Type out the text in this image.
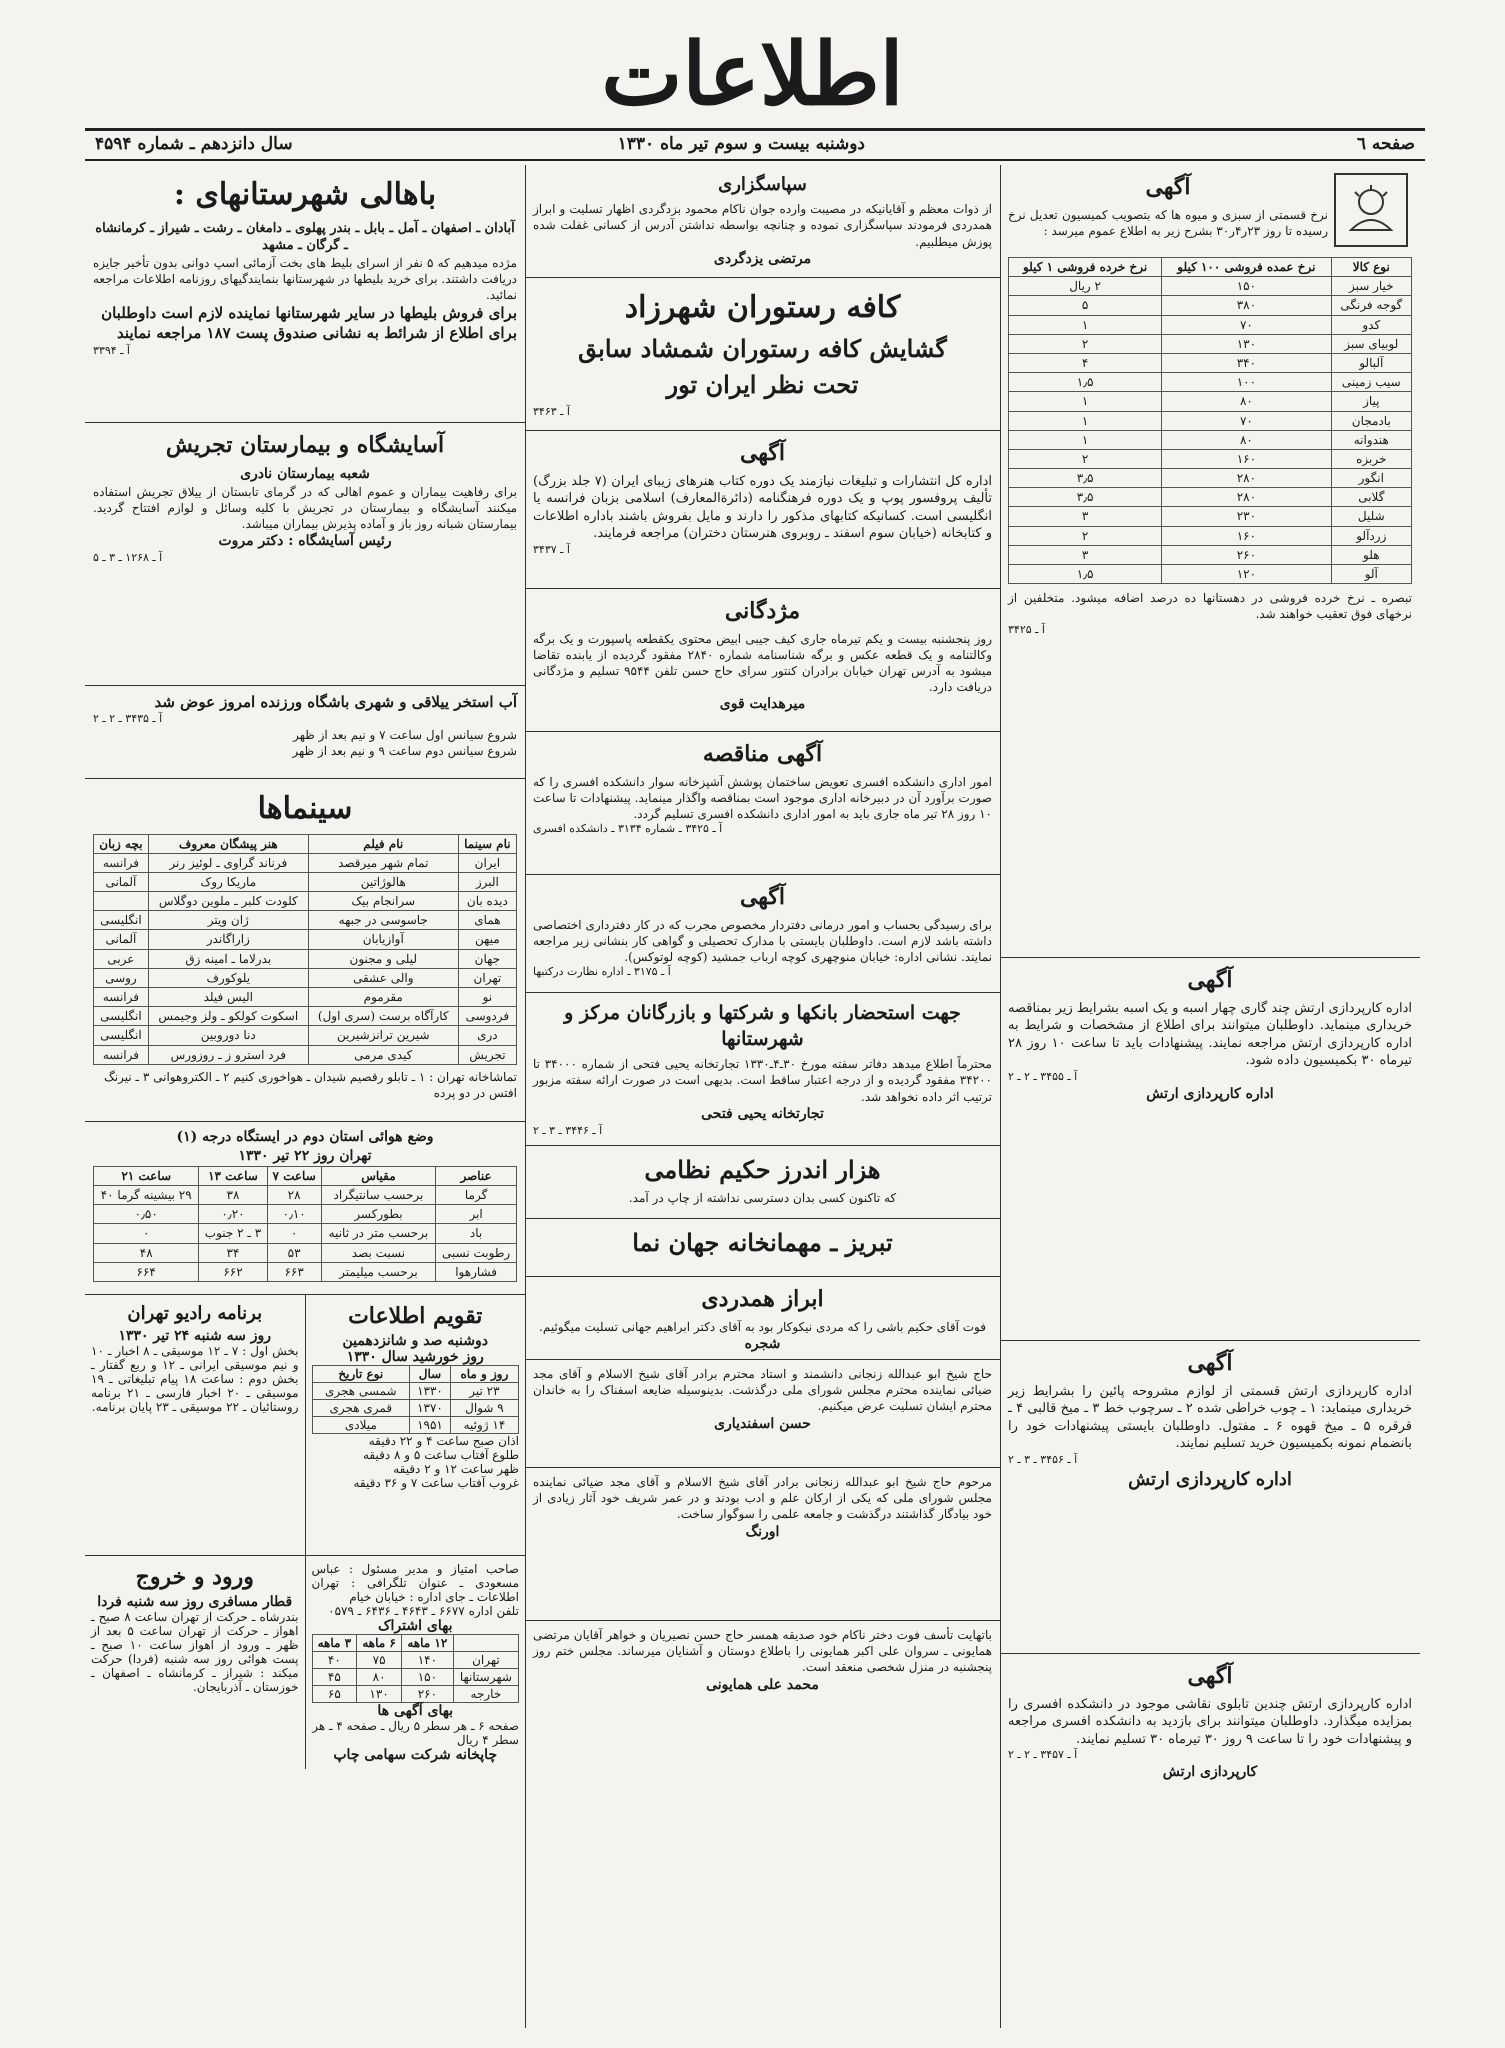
اطلاعات
صفحه ٦
دوشنبه بیست و سوم تیر ماه ۱۳۳۰
سال دانزدهم ـ شماره ۴۵۹۴
آگهی
نرخ قسمتی از سبزی و میوه ها که بتصویب کمیسیون تعدیل نرخ رسیده تا روز ۲۳ر۴ر۳۰ بشرح زیر به اطلاع عموم میرسد :
نوع کالا	نرخ عمده فروشی ۱۰۰ کیلو	نرخ خرده فروشی ۱ کیلو
خیار سبز	۱۵۰	۲ ریال
گوجه فرنگی	۳۸۰	۵
کدو	۷۰	۱
لوبیای سبز	۱۳۰	۲
آلبالو	۳۴۰	۴
سیب زمینی	۱۰۰	۱٫۵
پیاز	۸۰	۱
بادمجان	۷۰	۱
هندوانه	۸۰	۱
خربزه	۱۶۰	۲
انگور	۲۸۰	۳٫۵
گلابی	۲۸۰	۳٫۵
شلیل	۲۳۰	۳
زردآلو	۱۶۰	۲
هلو	۲۶۰	۳
آلو	۱۲۰	۱٫۵
تبصره ـ نرخ خرده فروشی در دهستانها ده درصد اضافه میشود. متخلفین از نرخهای فوق تعقیب خواهند شد.
آ ـ ۳۴۲۵
آگهی
اداره کارپردازی ارتش چند گاری چهار اسبه و یک اسبه بشرایط زیر بمناقصه خریداری مینماید. داوطلبان میتوانند برای اطلاع از مشخصات و شرایط به اداره کارپردازی ارتش مراجعه نمایند. پیشنهادات باید تا ساعت ۱۰ روز ۲۸ تیرماه ۳۰ بکمیسیون داده شود.
آ ـ ۳۴۵۵ ـ ۲ ـ ۲
اداره کارپردازی ارتش
آگهی
اداره کارپردازی ارتش قسمتی از لوازم مشروحه پائین را بشرایط زیر خریداری مینماید: ۱ ـ چوب خراطی شده ۲ ـ سرچوب خط ۳ ـ میخ قالبی ۴ ـ قرقره ۵ ـ میخ قهوه ۶ ـ مفتول. داوطلبان بایستی پیشنهادات خود را بانضمام نمونه بکمیسیون خرید تسلیم نمایند.
آ ـ ۳۴۵۶ ـ ۳ ـ ۲
اداره کارپردازی ارتش
آگهی
اداره کارپردازی ارتش چندین تابلوی نقاشی موجود در دانشکده افسری را بمزایده میگذارد. داوطلبان میتوانند برای بازدید به دانشکده افسری مراجعه و پیشنهادات خود را تا ساعت ۹ روز ۳۰ تیرماه ۳۰ تسلیم نمایند.
آ ـ ۳۴۵۷ ـ ۲ ـ ۲
کارپردازی ارتش
سپاسگزاری
از ذوات معظم و آقایانیکه در مصیبت وارده جوان ناکام محمود بزدگردی اظهار تسلیت و ابراز همدردی فرمودند سپاسگزاری نموده و چنانچه بواسطه نداشتن آدرس از کسانی غفلت شده پوزش میطلبیم.
مرتضی یزدگردی
کافه رستوران شهرزاد
گشایش کافه رستوران شمشاد سابق
تحت نظر ایران تور
آ ـ ۳۴۶۳
آگهی
اداره کل انتشارات و تبلیغات نیازمند یک دوره کتاب هنرهای زیبای ایران (۷ جلد بزرگ) تألیف پروفسور پوپ و یک دوره فرهنگنامه (دائرةالمعارف) اسلامی بزبان فرانسه یا انگلیسی است. کسانیکه کتابهای مذکور را دارند و مایل بفروش باشند باداره اطلاعات و کتابخانه (خیابان سوم اسفند ـ روبروی هنرستان دختران) مراجعه فرمایند.
آ ـ ۳۴۳۷
مژدگانی
روز پنجشنبه بیست و یکم تیرماه جاری کیف جیبی ابیض محتوی یکقطعه پاسپورت و یک برگه وکالتنامه و یک قطعه عکس و برگه شناسنامه شماره ۲۸۴۰ مفقود گردیده از یابنده تقاضا میشود به آدرس تهران خیابان برادران کنتور سرای حاج حسن تلفن ۹۵۴۴ تسلیم و مژدگانی دریافت دارد.
میرهدایت قوی
آگهی مناقصه
امور اداری دانشکده افسری تعویض ساختمان پوشش آشپزخانه سوار دانشکده افسری را که صورت برآورد آن در دبیرخانه اداری موجود است بمناقصه واگذار مینماید. پیشنهادات تا ساعت ۱۰ روز ۲۸ تیر ماه جاری باید به امور اداری دانشکده افسری تسلیم گردد.
آ ـ ۳۴۲۵ ـ شماره ۳۱۳۴ ـ دانشکده افسری
آگهی
برای رسیدگی بحساب و امور درمانی دفتردار مخصوص مجرب که در کار دفترداری اختصاصی داشته باشد لازم است. داوطلبان بایستی با مدارک تحصیلی و گواهی کار بنشانی زیر مراجعه نمایند. نشانی اداره: خیابان منوچهری کوچه ارباب جمشید (کوچه لوتوکس).
آ ـ ۳۱۷۵ ـ اداره نظارت درکتبها
جهت استحضار بانکها و شرکتها و بازرگانان مرکز و شهرستانها
محترماً اطلاع میدهد دفاتر سفته مورخ ۳۰ـ۴ـ۱۳۳۰ تجارتخانه یحیی فتحی از شماره ۳۴۰۰۰ تا ۳۴۲۰۰ مفقود گردیده و از درجه اعتبار ساقط است. بدیهی است در صورت ارائه سفته مزبور ترتیب اثر داده نخواهد شد.
تجارتخانه یحیی فتحی
آ ـ ۳۴۴۶ ـ ۳ ـ ۲
هزار اندرز حکیم نظامی
که تاکنون کسی بدان دسترسی نداشته از چاپ در آمد.
تبریز ـ مهمانخانه جهان نما
ابراز همدردی
فوت آقای حکیم باشی را که مردی نیکوکار بود به آقای دکتر ابراهیم جهانی تسلیت میگوئیم.
شجره
حاج شیخ ابو عبدالله زنجانی دانشمند و استاد محترم برادر آقای شیخ الاسلام و آقای مجد ضیائی نماینده محترم مجلس شورای ملی درگذشت. بدینوسیله ضایعه اسفناک را به خاندان محترم ایشان تسلیت عرض میکنیم.
حسن اسفندیاری
مرحوم حاج شیخ ابو عبدالله زنجانی برادر آقای شیخ الاسلام و آقای مجد ضیائی نماینده مجلس شورای ملی که یکی از ارکان علم و ادب بودند و در عمر شریف خود آثار زیادی از خود بیادگار گذاشتند درگذشت و جامعه علمی را سوگوار ساخت.
اورنگ
باتهایت تأسف فوت دختر ناکام خود صدیقه همسر حاج حسن نصیریان و خواهر آقایان مرتضی همایونی ـ سروان علی اکبر همایونی را باطلاع دوستان و آشنایان میرساند. مجلس ختم روز پنجشنبه در منزل شخصی منعقد است.
محمد علی همایونی
باهالی شهرستانهای :
آبادان ـ اصفهان ـ آمل ـ بابل ـ بندر پهلوی ـ دامغان ـ رشت ـ شیراز ـ کرمانشاه ـ گرگان ـ مشهد
مژده میدهیم که ۵ نفر از اسرای بلیط های بخت آزمائی اسپ دوانی بدون تأخیر جایزه دریافت داشتند. برای خرید بلیطها در شهرستانها بنمایندگیهای روزنامه اطلاعات مراجعه نمائید.
برای فروش بلیطها در سایر شهرستانها نماینده لازم است داوطلبان برای اطلاع از شرائط به نشانی صندوق پست ۱۸۷ مراجعه نمایند
آ ـ ۳۳۹۴
آسایشگاه و بیمارستان تجریش
شعبه بیمارستان نادری
برای رفاهیت بیماران و عموم اهالی که در گرمای تابستان از ییلاق تجریش استفاده میکنند آسایشگاه و بیمارستان در تجریش با کلیه وسائل و لوازم افتتاح گردید. بیمارستان شبانه روز باز و آماده پذیرش بیماران میباشد.
رئیس آسایشگاه : دکتر مروت
آ ـ ۱۲۶۸ ـ ۳ ـ ۵
آب استخر ییلاقی و شهری باشگاه ورزنده امروز عوض شد
آ ـ ۳۴۳۵ ـ ۲ ـ ۲
شروع سیانس اول ساعت ۷ و نیم بعد از ظهر
شروع سیانس دوم ساعت ۹ و نیم بعد از ظهر
سینماها
نام سینما	نام فیلم	هنر پیشگان معروف	بچه زبان
ایران	تمام شهر میرقصد	فرناند گراوی ـ لوئیز رنر	فرانسه
البرز	هالوژاتین	ماریکا روک	آلمانی
دیده بان	سرانجام بیک	کلودت کلبر ـ ملوین دوگلاس	
همای	جاسوسی در جبهه	ژان ویتر	انگلیسی
میهن	آوازیابان	زاراگاندر	آلمانی
جهان	لیلی و مجنون	بدرلاما ـ امینه زق	عربی
تهران	والی عشقی	یلوکورف	روسی
نو	مقرموم	الیس فیلد	فرانسه
فردوسی	کارآگاه برست (سری اول)	اسکوت کولکو ـ ولز وجیمس	انگلیسی
دری	شیرین ترانزشیرین	دنا دوروبین	انگلیسی
تجریش	کیدی مرمی	فرد استرو ز ـ روزورس	فرانسه
تماشاخانه تهران : ۱ ـ تابلو رقصیم شیدان ـ هواخوری کنیم ۲ ـ الکتروهوانی ۳ ـ نیرنگ افتس در دو پرده
وضع هوائی استان دوم در ایستگاه درجه (۱)
تهران روز ۲۲ تیر ۱۳۳۰
عناصر	مقیاس	ساعت ۷	ساعت ۱۳	ساعت ۲۱
گرما	برحسب سانتیگراد	۲۸	۳۸	۲۹ بیشینه گرما ۴۰
ابر	بطورکسر	۰٫۱۰	۰٫۲۰	۰٫۵۰
باد	برحسب متر در ثانیه	۰	۳ ـ ۲ جنوب	۰
رطوبت نسبی	نسبت بصد	۵۳	۳۴	۴۸
فشارهوا	برحسب میلیمتر	۶۶۳	۶۶۲	۶۶۴
تقویم اطلاعات
دوشنبه صد و شانزدهمین
روز خورشید سال ۱۳۳۰
روز و ماه	سال	نوع تاریخ
۲۳ تیر	۱۳۳۰	شمسی هجری
۹ شوال	۱۳۷۰	قمری هجری
۱۴ ژوئیه	۱۹۵۱	میلادی
اذان صبح ساعت ۴ و ۲۲ دقیقه
طلوع آفتاب ساعت ۵ و ۸ دقیقه
ظهر ساعت ۱۲ و ۲ دقیقه
غروب آفتاب ساعت ۷ و ۳۶ دقیقه
برنامه رادیو تهران
روز سه شنبه ۲۴ تیر ۱۳۳۰
بخش اول : ۷ ـ ۱۲ موسیقی ـ ۸ اخبار ـ ۱۰ و نیم موسیقی ایرانی ـ ۱۲ و ربع گفتار ـ بخش دوم : ساعت ۱۸ پیام تبلیغاتی ـ ۱۹ موسیقی ـ ۲۰ اخبار فارسی ـ ۲۱ برنامه روستائیان ـ ۲۲ موسیقی ـ ۲۳ پایان برنامه.
صاحب امتیاز و مدیر مسئول : عباس مسعودی ـ عنوان تلگرافی : تهران اطلاعات ـ جای اداره : خیابان خیام
تلفن اداره ۶۶۷۷ ـ ۴۶۴۳ ـ ۶۴۳۶ ـ ۰۵۷۹
بهای اشتراک
	۱۲ ماهه	۶ ماهه	۳ ماهه
تهران	۱۴۰	۷۵	۴۰
شهرستانها	۱۵۰	۸۰	۴۵
خارجه	۲۶۰	۱۳۰	۶۵
بهای آگهی ها
صفحه ۶ ـ هر سطر ۵ ریال ـ صفحه ۴ ـ هر سطر ۴ ریال
چاپخانه شرکت سهامی چاپ
ورود و خروج
قطار مسافری روز سه شنبه فردا
بندرشاه ـ حرکت از تهران ساعت ۸ صبح ـ اهواز ـ حرکت از تهران ساعت ۵ بعد از ظهر ـ ورود از اهواز ساعت ۱۰ صبح ـ پست هوائی روز سه شنبه (فردا) حرکت میکند : شیراز ـ کرمانشاه ـ اصفهان ـ خوزستان ـ آذربایجان.
